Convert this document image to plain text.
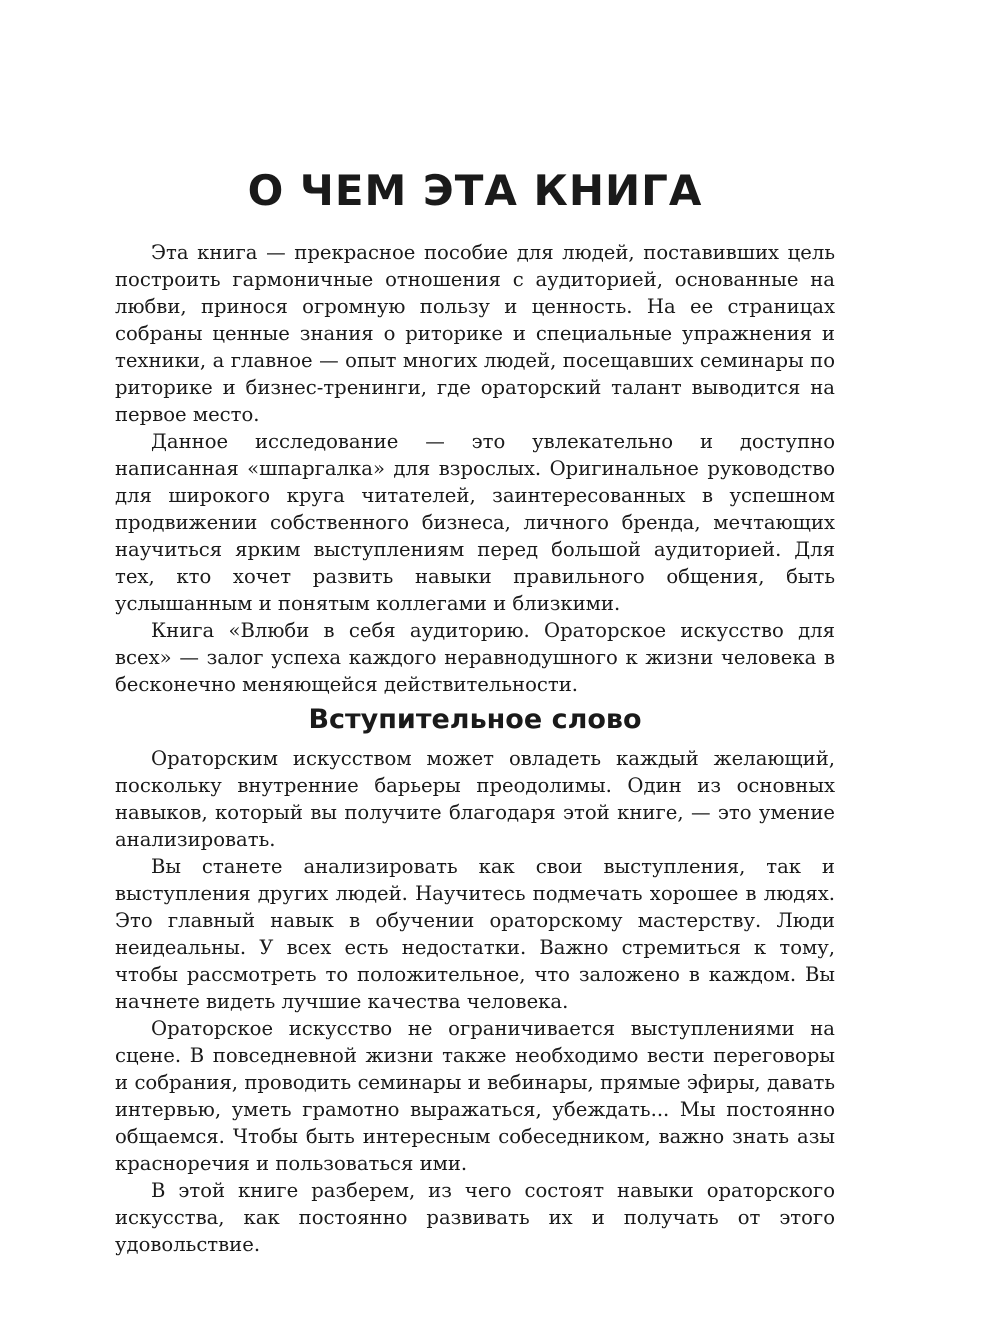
О ЧЕМ ЭТА КНИГА

Эта книга — прекрасное пособие для людей, поставивших цель построить гармоничные отношения с аудиторией, основанные на любви, принося огромную пользу и ценность. На ее страницах собраны ценные знания о риторике и специальные упражнения и техники, а главное — опыт многих людей, посещавших семинары по риторике и бизнес-тренинги, где ораторский талант выводится на первое место.

Данное исследование — это увлекательно и доступно написанная «шпаргалка» для взрослых. Оригинальное руководство для широкого круга читателей, заинтересованных в успешном продвижении собственного бизнеса, личного бренда, мечтающих научиться ярким выступлениям перед большой аудиторией. Для тех, кто хочет развить навыки правильного общения, быть услышанным и понятым коллегами и близкими.

Книга «Влюби в себя аудиторию. Ораторское искусство для всех» — залог успеха каждого неравнодушного к жизни человека в бесконечно меняющейся действительности.

Вступительное слово

Ораторским искусством может овладеть каждый желающий, поскольку внутренние барьеры преодолимы. Один из основных навыков, который вы получите благодаря этой книге, — это умение анализировать.

Вы станете анализировать как свои выступления, так и выступления других людей. Научитесь подмечать хорошее в людях. Это главный навык в обучении ораторскому мастерству. Люди неидеальны. У всех есть недостатки. Важно стремиться к тому, чтобы рассмотреть то положительное, что заложено в каждом. Вы начнете видеть лучшие качества человека.

Ораторское искусство не ограничивается выступлениями на сцене. В повседневной жизни также необходимо вести переговоры и собрания, проводить семинары и вебинары, прямые эфиры, давать интервью, уметь грамотно выражаться, убеждать... Мы постоянно общаемся. Чтобы быть интересным собеседником, важно знать азы красноречия и пользоваться ими.

В этой книге разберем, из чего состоят навыки ораторского искусства, как постоянно развивать их и получать от этого удовольствие.
